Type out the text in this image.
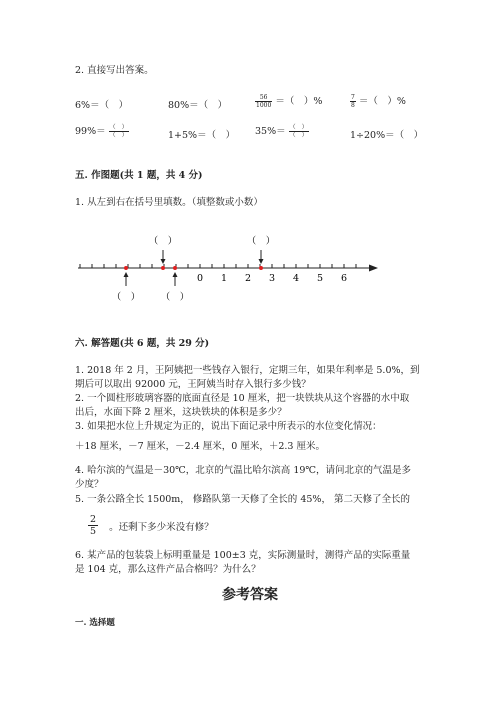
2. 直接写出答案。
6%＝（　）	80%＝（　）	$\frac{56}{1000}$ ＝（　）%	$\frac{7}{8}$ ＝（　）%
$99\%= \frac{( )}{( )}$	1+5%＝（　） $35\%= \frac{( )}{( )}$	1÷20%＝（　）
五. 作图题(共 1 题，共 4 分)
1. 从左到右在括号里填数。（填整数或小数）
（　）	（　）
（　） （　）
0 1 2 3 4 5 6
六. 解答题(共 6 题，共 29 分)
1. 2018 年 2 月，王阿姨把一些钱存入银行，定期三年，如果年利率是 5.0%，到
期后可以取出 92000 元，王阿姨当时存入银行多少钱？
2. 一个圆柱形玻璃容器的底面直径是 10 厘米，把一块铁块从这个容器的水中取
出后，水面下降 2 厘米，这块铁块的体积是多少？
3. 如果把水位上升规定为正的，说出下面记录中所表示的水位变化情况：
＋18 厘米，－7 厘米，－2.4 厘米，0 厘米，＋2.3 厘米。
4. 哈尔滨的气温是－30℃，北京的气温比哈尔滨高 19℃，请问北京的气温是多
少度？
5. 一条公路全长 1500m， 修路队第一天修了全长的 45%， 第二天修了全长的
$\frac{2}{5}$ 。还剩下多少米没有修？
6. 某产品的包装袋上标明重量是 100±3 克，实际测量时，测得产品的实际重量
是 104 克，那么这件产品合格吗？为什么？
参考答案
一. 选择题
